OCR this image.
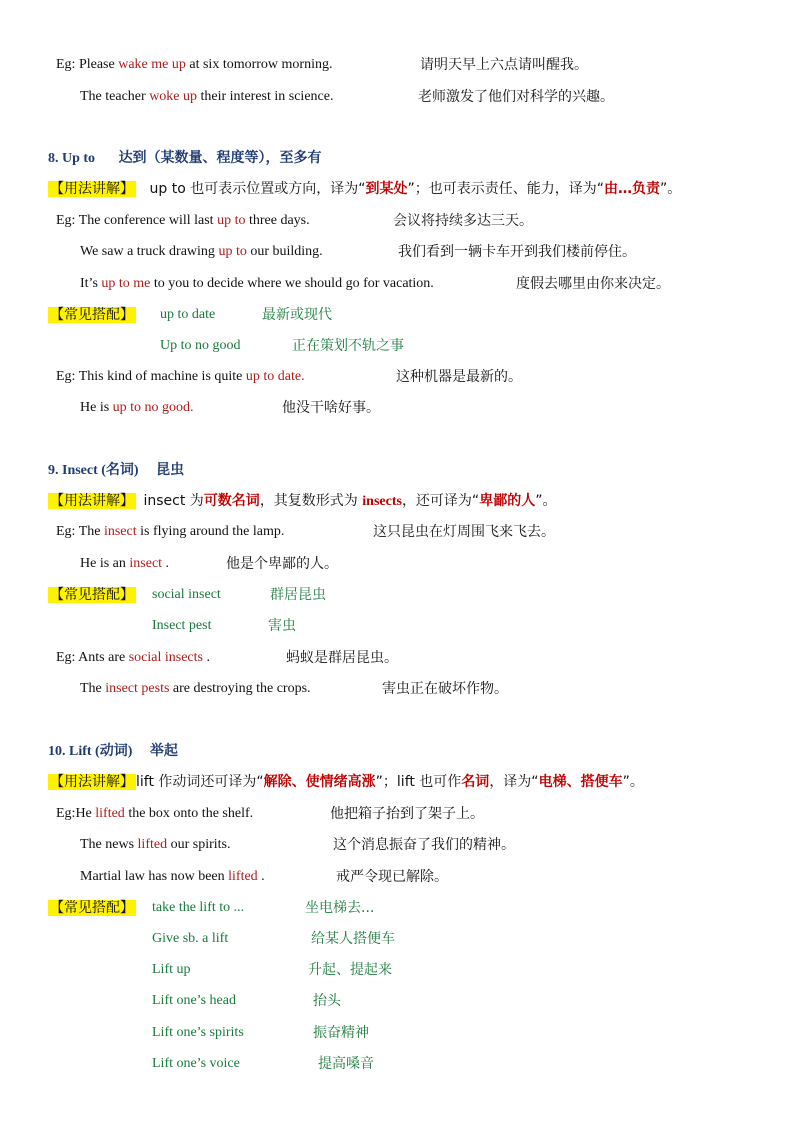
Eg: Please wake me up at six tomorrow morning.	请明天早上六点请叫醒我。
The teacher woke up their interest in science.	老师激发了他们对科学的兴趣。
8. Up to 达到（某数量、程度等），至多有
【用法讲解】 up to 也可表示位置或方向，译为“到某处”；也可表示责任、能力，译为“由…负责”。
Eg: The conference will last up to three days.	会议将持续多达三天。
We saw a truck drawing up to our building.	我们看到一辆卡车开到我们楼前停住。
It’s up to me to you to decide where we should go for vacation.	度假去哪里由你来决定。
【常见搭配】 up to date	最新或现代
Up to no good	正在策划不轨之事
Eg: This kind of machine is quite up to date.	这种机器是最新的。
He is up to no good.	他没干啥好事。
9. Insect (名词) 昆虫
【用法讲解】 insect 为可数名词，其复数形式为 insects，还可译为“卑鄙的人”。
Eg: The insect is flying around the lamp.	这只昆虫在灯周围飞来飞去。
He is an insect .	他是个卑鄙的人。
【常见搭配】 social insect	群居昆虫
Insect pest	害虫
Eg: Ants are social insects .	蚂蚁是群居昆虫。
The insect pests are destroying the crops.	害虫正在破坏作物。
10. Lift (动词) 举起
【用法讲解】 lift 作动词还可译为“解除、使情绪高涨”；lift 也可作名词，译为“电梯、搭便车”。
Eg:He lifted the box onto the shelf.	他把箱子抬到了架子上。
The news lifted our spirits.	这个消息振奋了我们的精神。
Martial law has now been lifted .	戒严令现已解除。
【常见搭配】 take the lift to ...	坐电梯去...
Give sb. a lift	给某人搭便车
Lift up	升起、提起来
Lift one’s head	抬头
Lift one’s spirits	振奋精神
Lift one’s voice	提高嗓音
